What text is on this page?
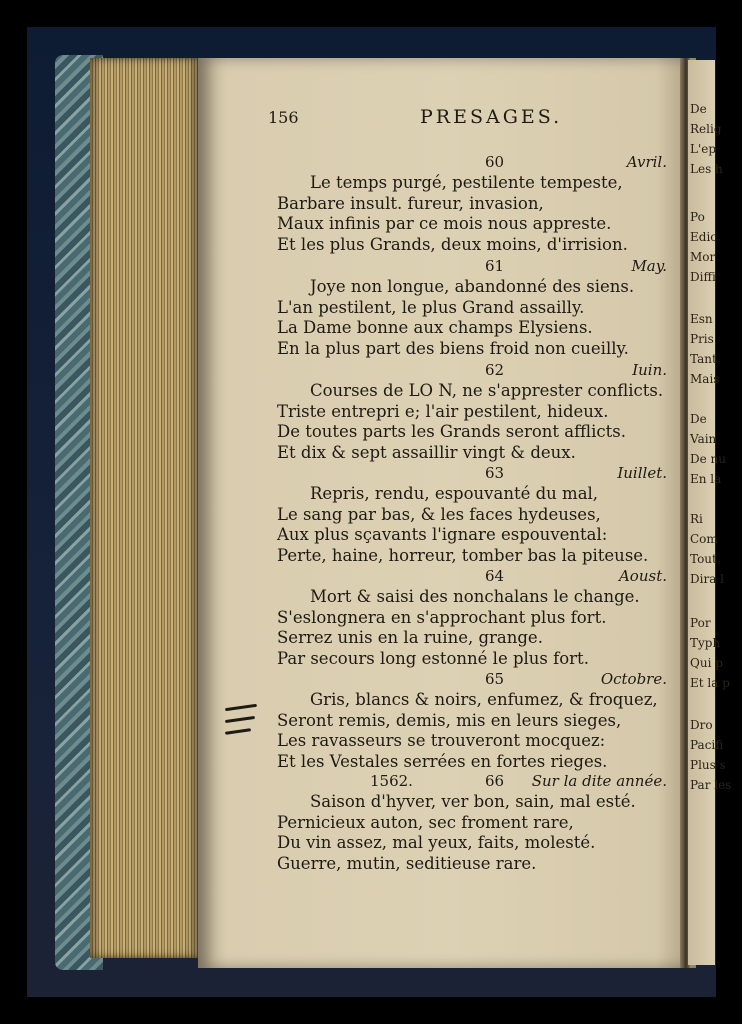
De
Relig
L'ep
Les h
Po
Edic
Mor
Diffi
Esn
Pris
Tant
Mais
De
Vain
De nu
En la
Ri
Com
Tout
Dira l
Por
Typh
Qui p
Et la p
Dro
Pacifi
Plus s
Par les
156	PRESAGES.
60	Avril.
Le temps purgé, pestilente tempeste,
Barbare insult. fureur, invasion,
Maux infinis par ce mois nous appreste.
Et les plus Grands, deux moins, d'irrision.
61	May.
Joye non longue, abandonné des siens.
L'an pestilent, le plus Grand assailly.
La Dame bonne aux champs Elysiens.
En la plus part des biens froid non cueilly.
62	Iuin.
Courses de LO N, ne s'apprester conflicts.
Triste entrepri e; l'air pestilent, hideux.
De toutes parts les Grands seront afflicts.
Et dix & sept assaillir vingt & deux.
63	Iuillet.
Repris, rendu, espouvanté du mal,
Le sang par bas, & les faces hydeuses,
Aux plus sçavants l'ignare espouvental:
Perte, haine, horreur, tomber bas la piteuse.
64	Aoust.
Mort & saisi des nonchalans le change.
S'eslongnera en s'approchant plus fort.
Serrez unis en la ruine, grange.
Par secours long estonné le plus fort.
65	Octobre.
Gris, blancs & noirs, enfumez, & froquez,
Seront remis, demis, mis en leurs sieges,
Les ravasseurs se trouveront mocquez:
Et les Vestales serrées en fortes rieges.
1562.	66 Sur la dite année.
Saison d'hyver, ver bon, sain, mal esté.
Pernicieux auton, sec froment rare,
Du vin assez, mal yeux, faits, molesté.
Guerre, mutin, seditieuse rare.
